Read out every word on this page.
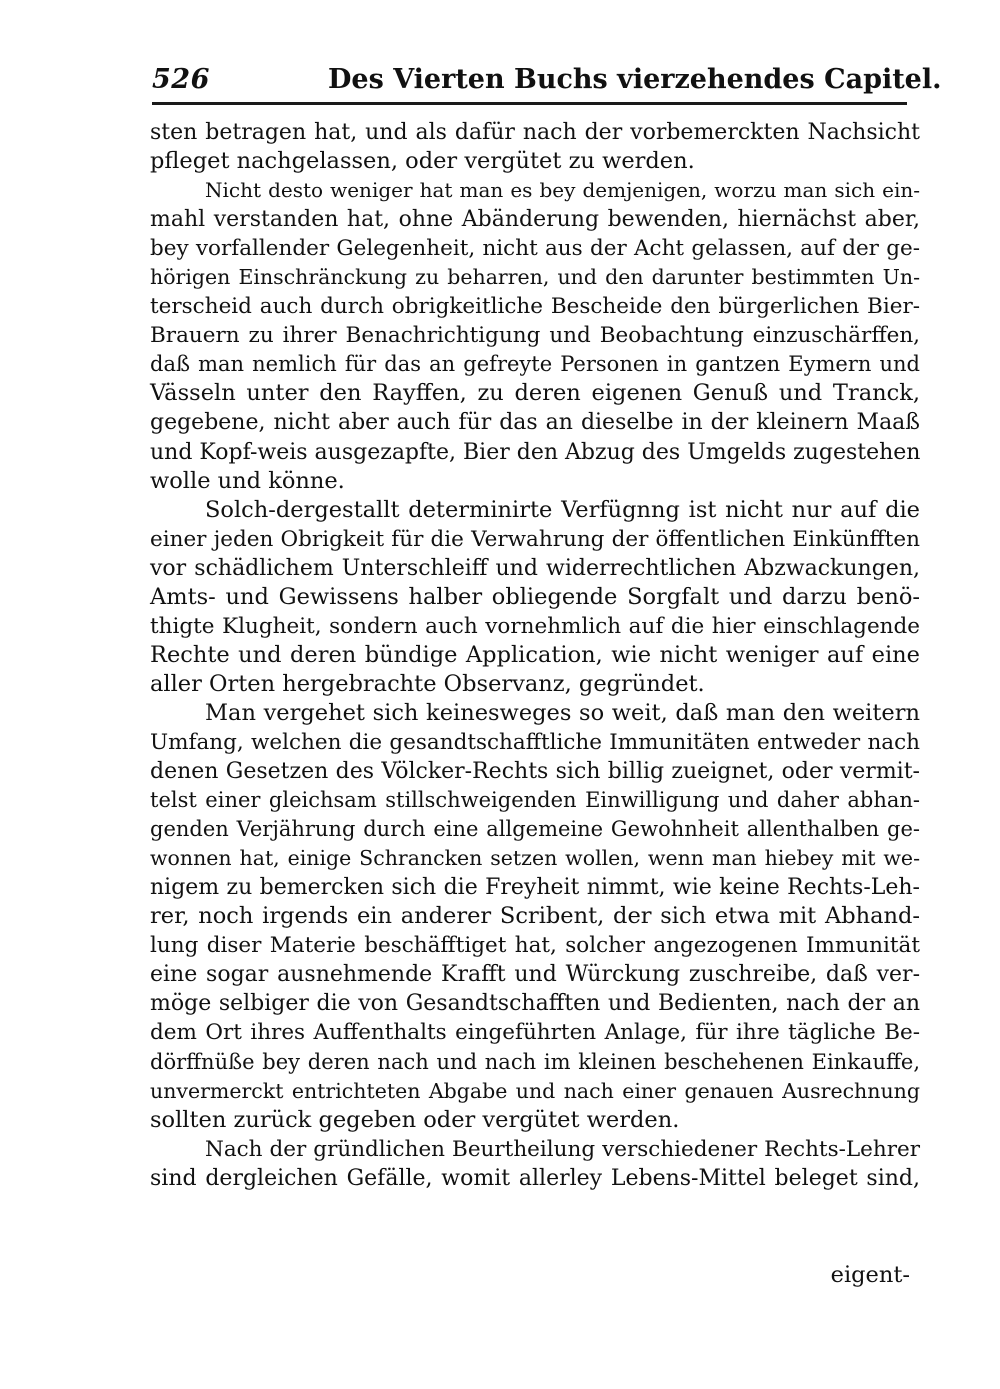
526	Des Vierten Buchs vierzehendes Capitel.
sten betragen hat, und als dafür nach der vorbemerckten Nachsicht
pfleget nachgelassen, oder vergütet zu werden.
Nicht desto weniger hat man es bey demjenigen, worzu man sich ein-
mahl verstanden hat, ohne Abänderung bewenden, hiernächst aber,
bey vorfallender Gelegenheit, nicht aus der Acht gelassen, auf der ge-
hörigen Einschränckung zu beharren, und den darunter bestimmten Un-
terscheid auch durch obrigkeitliche Bescheide den bürgerlichen Bier-
Brauern zu ihrer Benachrichtigung und Beobachtung einzuschärffen,
daß man nemlich für das an gefreyte Personen in gantzen Eymern und
Vässeln unter den Rayffen, zu deren eigenen Genuß und Tranck,
gegebene, nicht aber auch für das an dieselbe in der kleinern Maaß
und Kopf-weis ausgezapfte, Bier den Abzug des Umgelds zugestehen
wolle und könne.
Solch-dergestallt determinirte Verfügnng ist nicht nur auf die
einer jeden Obrigkeit für die Verwahrung der öffentlichen Einkünfften
vor schädlichem Unterschleiff und widerrechtlichen Abzwackungen,
Amts- und Gewissens halber obliegende Sorgfalt und darzu benö-
thigte Klugheit, sondern auch vornehmlich auf die hier einschlagende
Rechte und deren bündige Application, wie nicht weniger auf eine
aller Orten hergebrachte Observanz, gegründet.
Man vergehet sich keinesweges so weit, daß man den weitern
Umfang, welchen die gesandtschafftliche Immunitäten entweder nach
denen Gesetzen des Völcker-Rechts sich billig zueignet, oder vermit-
telst einer gleichsam stillschweigenden Einwilligung und daher abhan-
genden Verjährung durch eine allgemeine Gewohnheit allenthalben ge-
wonnen hat, einige Schrancken setzen wollen, wenn man hiebey mit we-
nigem zu bemercken sich die Freyheit nimmt, wie keine Rechts-Leh-
rer, noch irgends ein anderer Scribent, der sich etwa mit Abhand-
lung diser Materie beschäfftiget hat, solcher angezogenen Immunität
eine sogar ausnehmende Krafft und Würckung zuschreibe, daß ver-
möge selbiger die von Gesandtschafften und Bedienten, nach der an
dem Ort ihres Auffenthalts eingeführten Anlage, für ihre tägliche Be-
dörffnüße bey deren nach und nach im kleinen beschehenen Einkauffe,
unvermerckt entrichteten Abgabe und nach einer genauen Ausrechnung
sollten zurück gegeben oder vergütet werden.
Nach der gründlichen Beurtheilung verschiedener Rechts-Lehrer
sind dergleichen Gefälle, womit allerley Lebens-Mittel beleget sind,
eigent-
